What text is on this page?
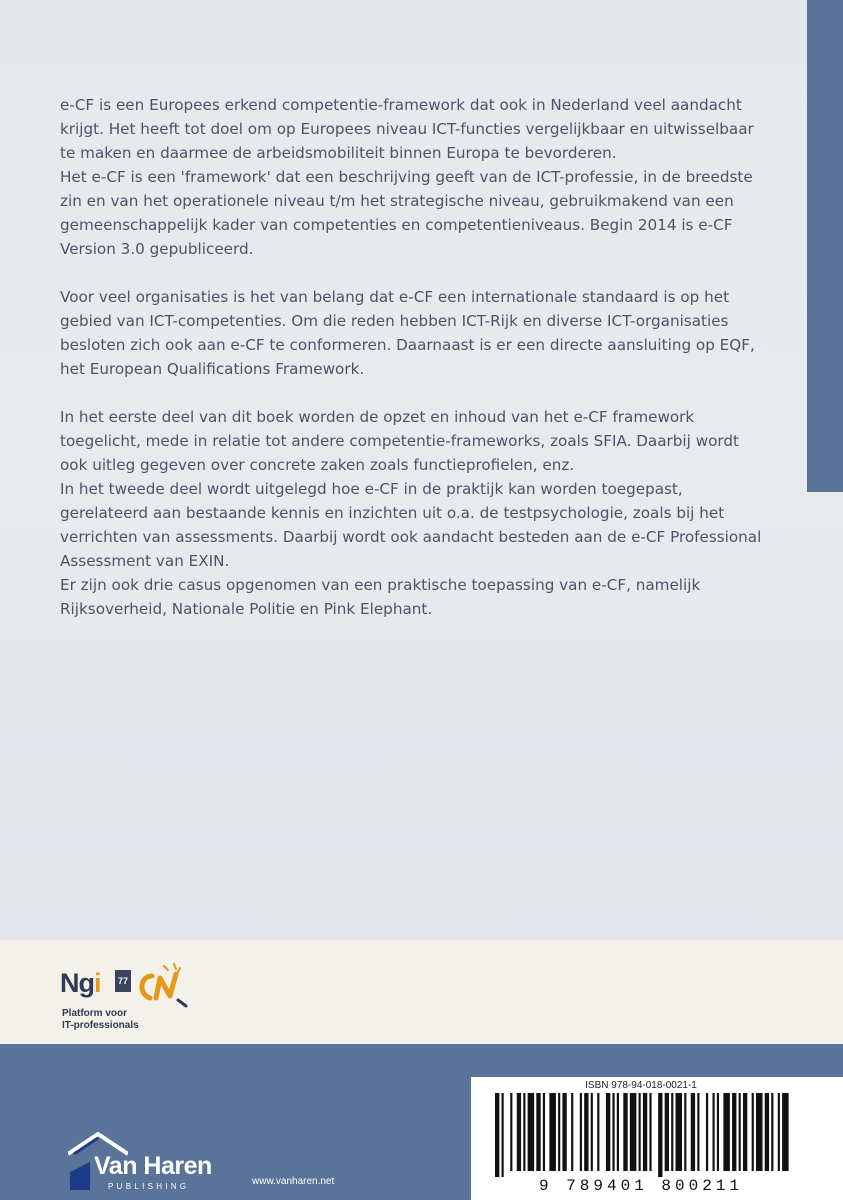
e-CF is een Europees erkend competentie-framework dat ook in Nederland veel aandacht
krijgt. Het heeft tot doel om op Europees niveau ICT-functies vergelijkbaar en uitwisselbaar
te maken en daarmee de arbeidsmobiliteit binnen Europa te bevorderen.
Het e-CF is een 'framework' dat een beschrijving geeft van de ICT-professie, in de breedste
zin en van het operationele niveau t/m het strategische niveau, gebruikmakend van een
gemeenschappelijk kader van competenties en competentieniveaus. Begin 2014 is e-CF
Version 3.0 gepubliceerd.
Voor veel organisaties is het van belang dat e-CF een internationale standaard is op het
gebied van ICT-competenties. Om die reden hebben ICT-Rijk en diverse ICT-organisaties
besloten zich ook aan e-CF te conformeren. Daarnaast is er een directe aansluiting op EQF,
het European Qualifications Framework.
In het eerste deel van dit boek worden de opzet en inhoud van het e-CF framework
toegelicht, mede in relatie tot andere competentie-frameworks, zoals SFIA. Daarbij wordt
ook uitleg gegeven over concrete zaken zoals functieprofielen, enz.
In het tweede deel wordt uitgelegd hoe e-CF in de praktijk kan worden toegepast,
gerelateerd aan bestaande kennis en inzichten uit o.a. de testpsychologie, zoals bij het
verrichten van assessments. Daarbij wordt ook aandacht besteden aan de e-CF Professional
Assessment van EXIN.
Er zijn ook drie casus opgenomen van een praktische toepassing van e-CF, namelijk
Rijksoverheid, Nationale Politie en Pink Elephant.
Ngi	77
Platform voor
IT-professionals
Van Haren
PUBLISHING	www.vanharen.net
ISBN 978-94-018-0021-1
9 789401 800211
